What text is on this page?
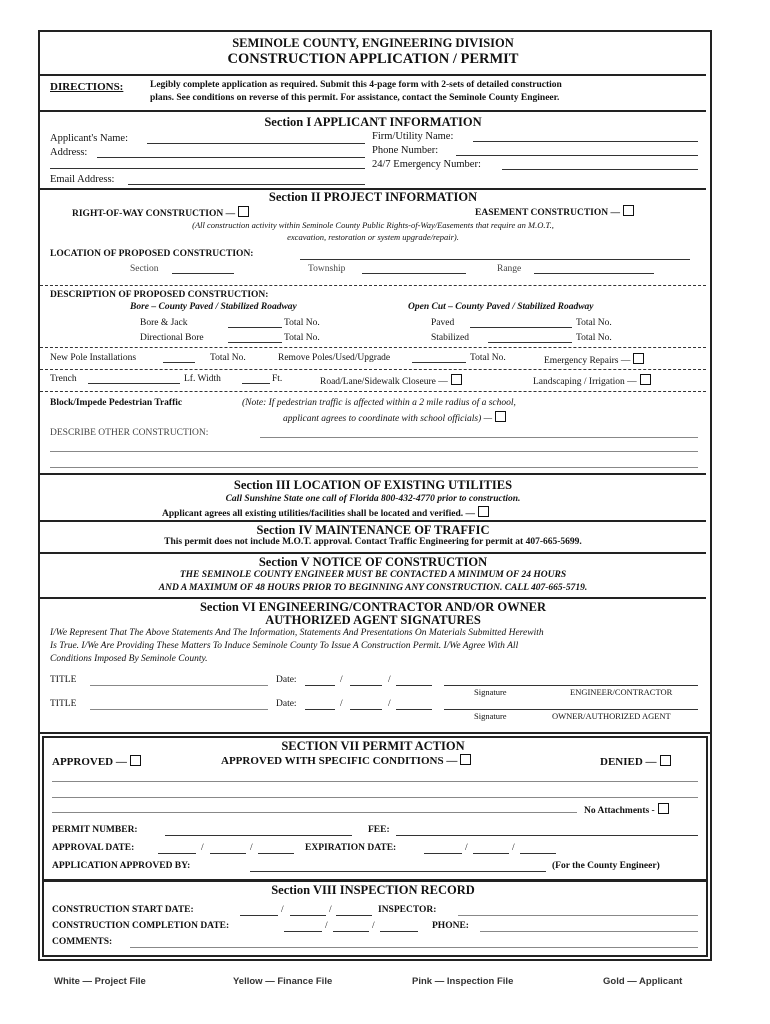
SEMINOLE COUNTY, ENGINEERING DIVISION
CONSTRUCTION APPLICATION / PERMIT
DIRECTIONS:	Legibly complete application as required. Submit this 4-page form with 2-sets of detailed construction
plans. See conditions on reverse of this permit. For assistance, contact the Seminole County Engineer.
Section I APPLICANT INFORMATION
Applicant's Name:	Firm/Utility Name:
Address:	Phone Number:
24/7 Emergency Number:
Email Address:
Section II PROJECT INFORMATION
RIGHT-OF-WAY CONSTRUCTION —	EASEMENT CONSTRUCTION —
(All construction activity within Seminole County Public Rights-of-Way/Easements that require an M.O.T.,
excavation, restoration or system upgrade/repair).
LOCATION OF PROPOSED CONSTRUCTION:
Section	Township	Range
DESCRIPTION OF PROPOSED CONSTRUCTION:
Bore – County Paved / Stabilized Roadway	Open Cut – County Paved / Stabilized Roadway
Bore & Jack	Total No.
Directional Bore	Total No.
Paved	Total No.
Stabilized	Total No.
New Pole Installations	Total No.	Remove Poles/Used/Upgrade	Total No.	Emergency Repairs —
Trench	Lf. Width	Ft.	Road/Lane/Sidewalk Closeure —	Landscaping / Irrigation —
Block/Impede Pedestrian Traffic	(Note: If pedestrian traffic is affected within a 2 mile radius of a school,
applicant agrees to coordinate with school officials) —
DESCRIBE OTHER CONSTRUCTION:
Section III LOCATION OF EXISTING UTILITIES
Call Sunshine State one call of Florida 800-432-4770 prior to construction.
Applicant agrees all existing utilities/facilities shall be located and verified. —
Section IV MAINTENANCE OF TRAFFIC
This permit does not include M.O.T. approval. Contact Traffic Engineering for permit at 407-665-5699.
Section V NOTICE OF CONSTRUCTION
THE SEMINOLE COUNTY ENGINEER MUST BE CONTACTED A MINIMUM OF 24 HOURS
AND A MAXIMUM OF 48 HOURS PRIOR TO BEGINNING ANY CONSTRUCTION. CALL 407-665-5719.
Section VI ENGINEERING/CONTRACTOR AND/OR OWNER
AUTHORIZED AGENT SIGNATURES
I/We Represent That The Above Statements And The Information, Statements And Presentations On Materials Submitted Herewith
Is True. I/We Are Providing These Matters To Induce Seminole County To Issue A Construction Permit. I/We Agree With All
Conditions Imposed By Seminole County.
TITLE	Date:	/	/
Signature	ENGINEER/CONTRACTOR
TITLE	Date:	/	/
Signature	OWNER/AUTHORIZED AGENT
SECTION VII PERMIT ACTION
APPROVED —	APPROVED WITH SPECIFIC CONDITIONS —	DENIED —
No Attachments -
PERMIT NUMBER:	FEE:
APPROVAL DATE:	/	/	EXPIRATION DATE:	/	/
APPLICATION APPROVED BY:	(For the County Engineer)
Section VIII INSPECTION RECORD
CONSTRUCTION START DATE:	/	/	INSPECTOR:
CONSTRUCTION COMPLETION DATE:	/	/	PHONE:
COMMENTS:
White — Project File	Yellow — Finance File	Pink — Inspection File	Gold — Applicant
